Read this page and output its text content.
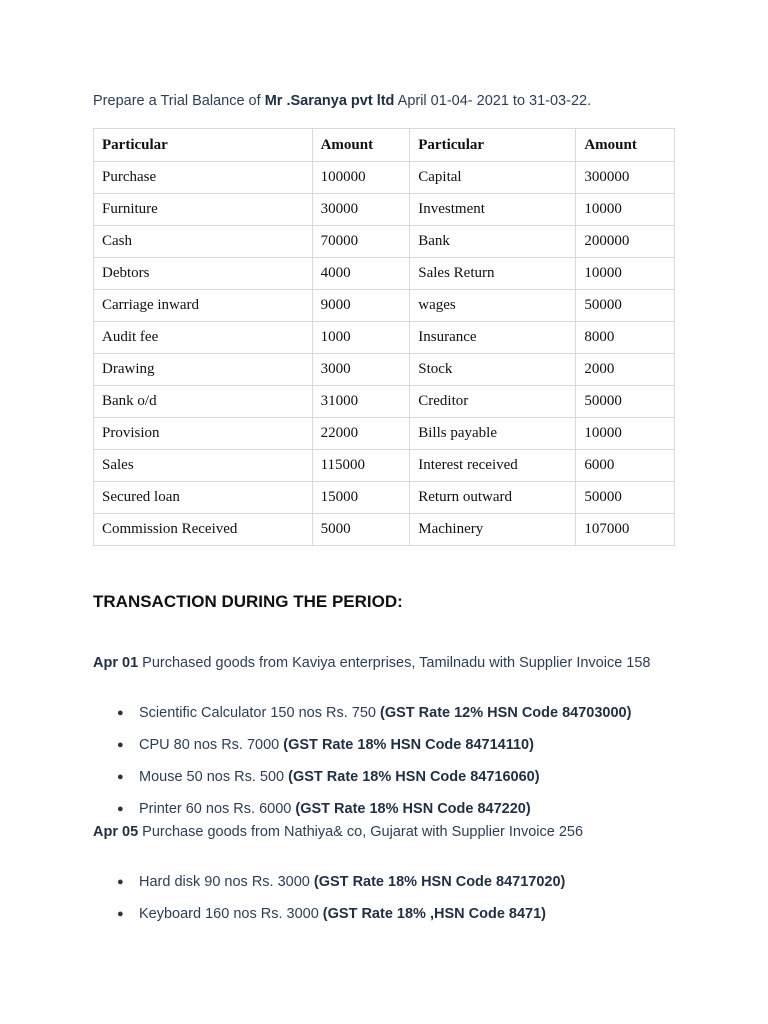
Prepare a Trial Balance of Mr .Saranya pvt ltd April 01-04- 2021 to 31-03-22.
Particular	Amount	Particular	Amount
Purchase	100000	Capital	300000
Furniture	30000	Investment	10000
Cash	70000	Bank	200000
Debtors	4000	Sales Return	10000
Carriage inward	9000	wages	50000
Audit fee	1000	Insurance	8000
Drawing	3000	Stock	2000
Bank o/d	31000	Creditor	50000
Provision	22000	Bills payable	10000
Sales	115000	Interest received	6000
Secured loan	15000	Return outward	50000
Commission Received	5000	Machinery	107000
TRANSACTION DURING THE PERIOD:
Apr 01 Purchased goods from Kaviya enterprises, Tamilnadu with Supplier Invoice 158
● Scientific Calculator 150 nos Rs. 750 (GST Rate 12% HSN Code 84703000)
● CPU 80 nos Rs. 7000 (GST Rate 18% HSN Code 84714110)
● Mouse 50 nos Rs. 500 (GST Rate 18% HSN Code 84716060)
● Printer 60 nos Rs. 6000 (GST Rate 18% HSN Code 847220)
Apr 05 Purchase goods from Nathiya& co, Gujarat with Supplier Invoice 256
● Hard disk 90 nos Rs. 3000 (GST Rate 18% HSN Code 84717020)
● Keyboard 160 nos Rs. 3000 (GST Rate 18% ,HSN Code 8471)
